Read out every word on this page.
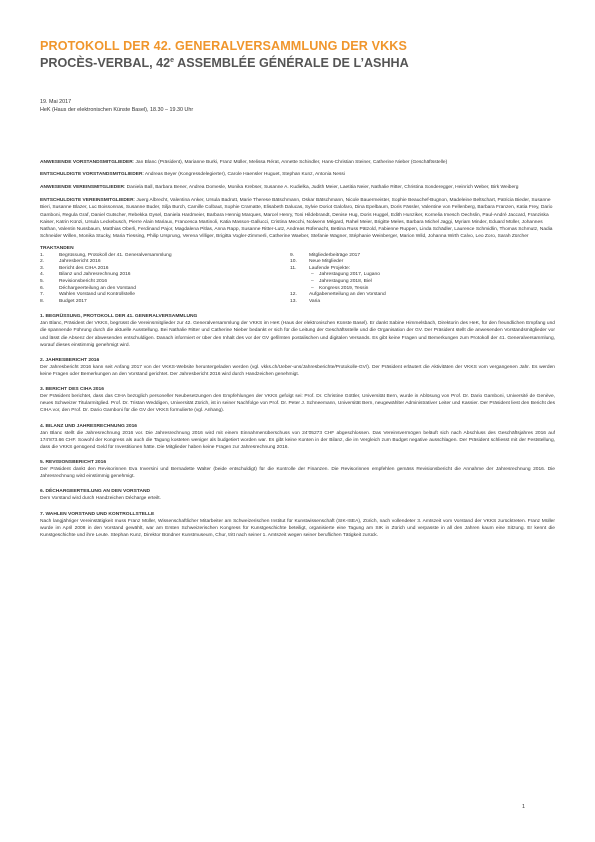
PROTOKOLL DER 42. GENERALVERSAMMLUNG DER VKKS
PROCÈS-VERBAL, 42e ASSEMBLÉE GÉNÉRALE DE L’ASHHA
19. Mai 2017
HeK (Haus der elektronischen Künste Basel), 18.30 – 19.30 Uhr

ANWESENDE VORSTANDSMITGLIEDER: Jan Blanc (Präsident), Marianne Burki, Franz Müller, Melissa Rérat, Annette Schindler, Hans-Christian Steiner, Catherine Nieber (Geschäftsstelle)

ENTSCHULDIGTE VORSTANDSMITGLIEDER: Andreas Beyer (Kongressdelegierter), Carole Haensler Huguet, Stephan Kunz, Antonia Nessi

ANWESENDE VEREINSMITGLIEDER: Daniela Ball, Barbara Bener, Andrea Domesle, Monika Krebser, Susanne A. Kudielka, Judith Meier, Laetitia Neier, Nathalie Ritter, Christina Sonderegger, Heinrich Weber, Birk Weiberg

ENTSCHULDIGTE VEREINSMITGLIEDER: Juerg Albrecht, Valentina Anker, Ursula Badrutt, Marie Therese Bätschmann, Oskar Bätschmann, Nicole Bauermeister, Sophie Beauchef-Bugnon, Madeleine Beltschart, Patricia Bieder, Susanne Bieri, Susanne Blazer, Luc Boissonnas, Susanne Buder, Silja Burch, Camille Colbaut, Sophie Cramatte, Elisabeth Dalucas, Sylvie Doriot Galofaro, Dina Epelbaum, Doris Fässler, Valentine von Fellenberg, Barbara Franzen, Katia Frey, Dario Gamboni, Regula Graf, Daniel Gutscher, Rebekka Gysel, Daniela Hardmeier, Barbara Hennig Marques, Marcel Henry, Toni Hildebrandt, Denise Hug, Doris Huggel, Edith Hunziker, Kornelia Imesch Oechslin, Paul-André Jaccard, Franziska Kaiser, Katrin Künzi, Ursula Leckebusch, Pierre Alain Mariaux, Francesca Martinoli, Katia Masson-Gallucci, Cristina Mecchi, Nolwenn Mégard, Rahel Meier, Brigitte Meles, Barbara Michel Jaggi, Myriam Minder, Eduard Müller, Johannes Nathan, Valentin Nussbaum, Matthias Oberli, Ferdinand Pajor, Magdalena Pitlas, Anna Rapp, Susanne Ritter-Lutz, Andreas Rüfenacht, Bettina Russ Pätzold, Fabienne Ruppen, Linda Schädler, Laurence Schmidlin, Thomas Schmutz, Nadia Schneider Willen, Monika Stucky, Maria Tiessing, Philip Ursprung, Verena Villiger, Brigitta Vogler-Zimmerli, Catherine Waeber, Stefanie Wagner, Stéphanie Weinberger, Marion Wild, Johanna Wirth Calvo, Leo Zoro, Sarah Zürcher

TRAKTANDEN
1.	Begrüssung, Protokoll der 41. Generalversammlung
2.	Jahresbericht 2016
3.	Bericht des CIHA 2016
4.	Bilanz und Jahresrechnung 2016
5.	Revisionsbericht 2016
6.	Déchargeerteilung an den Vorstand
7.	Wahlen Vorstand und Kontrollstelle
8.	Budget 2017
9.	Mitgliederbeiträge 2017
10.	Neue Mitglieder
11.	Laufende Projekte:
–	Jahrestagung 2017, Lugano
–	Jahrestagung 2018, Biel
–	Kongress 2019, Tessin
12.	Aufgabenerteilung an den Vorstand
13.	Varia
1. BEGRÜSSUNG, PROTOKOLL DER 41. GENERALVERSAMMLUNG

Jan Blanc, Präsident der VKKS, begrüsst die Vereinsmitglieder zur 42. Generalversammlung der VKKS im HeK (Haus der elektronischen Künste Basel). Er dankt Sabine Himmelsbach, Direktorin des HeK, für den freundlichen Empfang und die spannende Führung durch die aktuelle Ausstellung. Bei Nathalie Ritter und Catherine Nieber bedankt er sich für die Leitung der Geschäftsstelle und die Organisation der GV. Der Präsident stellt die anwesenden Vorstandsmitglieder vor und lässt die Absenz der abwesenden entschuldigen. Danach informiert er über den Inhalt des vor der GV gefilmten postalischen und digitalen Versands. Es gibt keine Fragen und Bemerkungen zum Protokoll der 41. Generalversammlung, worauf dieses einstimmig genehmigt wird.

2. JAHRESBERICHT 2016

Der Jahresbericht 2016 kann seit Anfang 2017 von der VKKS-Website heruntergeladen werden (vgl. vkks.ch/Ueber-uns/Jahresberichte/Protokolle-GV/). Der Präsident erläutert die Aktivitäten der VKKS vom vergangenen Jahr. Es werden keine Fragen oder Bemerkungen an den Vorstand gerichtet. Der Jahresbericht 2016 wird durch Handzeichen genehmigt.

3. BERICHT DES CIHA 2016

Der Präsident berichtet, dass das CIHA bezüglich personeller Neubesetzungen den Empfehlungen der VKKS gefolgt sei: Prof. Dr. Christine Göttler, Universität Bern, wurde in Ablösung von Prof. Dr. Dario Gamboni, Université de Genève, neues Schweizer Titularmitglied. Prof. Dr. Tristan Weddigen, Universität Zürich, ist in seiner Nachfolge von Prof. Dr. Peter J. Schneemann, Universität Bern, neugewählter Administrativer Leiter und Kassier. Der Präsident liest den Bericht des CIHA vor, den Prof. Dr. Dario Gamboni für die GV der VKKS formulierte (vgl. Anhang).

4. BILANZ UND JAHRESRECHNUNG 2016

Jan Blanc stellt die Jahresrechnung 2016 vor. Die Jahresrechnung 2016 wird mit einem Einnahmenüberschuss von 24’05273 CHF abgeschlossen. Das Vereinsvermögen beläuft sich nach Abschluss des Geschäftsjahres 2016 auf 174’873.66 CHF. Sowohl der Kongress als auch die Tagung kosteten weniger als budgetiert worden war. Es gibt keine Konten in der Bilanz, die im Vergleich zum Budget negative ausschlagen. Der Präsident schliesst mit der Feststellung, dass die VKKS genügend Geld für Investitionen hätte. Die Mitglieder haben keine Fragen zur Jahresrechnung 2016.

5. REVISIONSBERICHT 2016

Der Präsident dankt den Revisorinnen Eva Inversini und Bernadette Walter (beide entschuldigt) für die Kontrolle der Finanzen. Die Revisorinnen empfehlen gemäss Revisionsbericht die Annahme der Jahresrechnung 2016. Die Jahresrechnung wird einstimmig genehmigt.

6. DÉCHARGEERTEILUNG AN DEN VORSTAND

Dem Vorstand wird durch Handzeichen Décharge erteilt.

7. WAHLEN VORSTAND UND KONTROLLSTELLE

Nach langjähriger Vereinstätigkeit muss Franz Müller, Wissenschaftlicher Mitarbeiter am Schweizerischen Institut für Kunstwissenschaft (SIK-ISEA), Zürich, nach vollendeter 3. Amtszeit vom Vorstand der VKKS zurücktreten. Franz Müller wurde im April 2008 in den Vorstand gewählt, war am Ersten Schweizerischen Kongress für Kunstgeschichte beteiligt, organisierte eine Tagung am SIK in Zürich und verpasste in all den Jahren kaum eine Sitzung. Er kennt die Kunstgeschichte und ihre Leute. Stephan Kunz, Direktor Bündner Kunstmuseum, Chur, tritt nach seiner 1. Amtszeit wegen seiner beruflichen Tätigkeit zurück.

1
